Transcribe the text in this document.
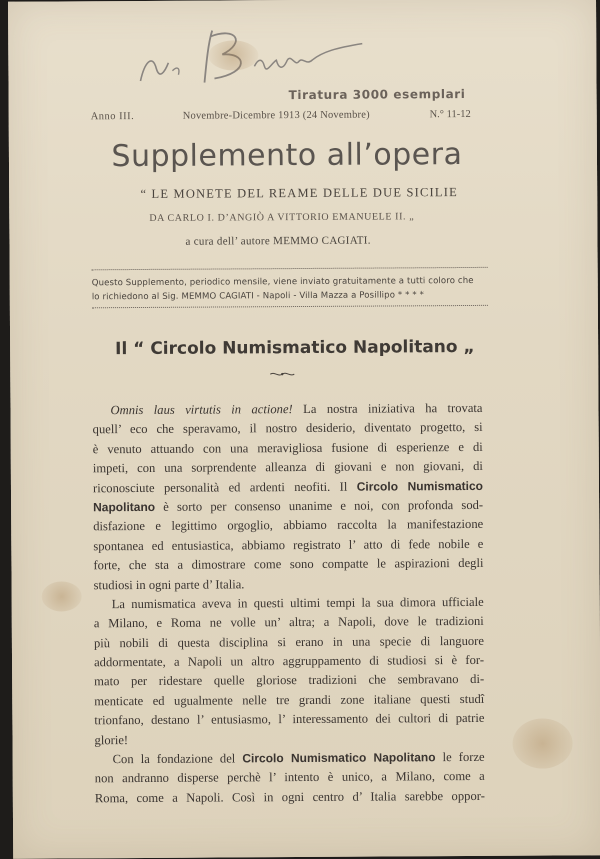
Tiratura 3000 esemplari
Anno III.	Novembre-Dicembre 1913 (24 Novembre)	N.° 11-12
Supplemento all’opera
“ LE MONETE DEL REAME DELLE DUE SICILIE
DA CARLO I. D’ANGIÒ A VITTORIO EMANUELE II. „
a cura dell’ autore MEMMO CAGIATI.
Questo Supplemento, periodico mensile, viene inviato gratuitamente a tutti coloro che
lo richiedono al Sig. MEMMO CAGIATI - Napoli - Villa Mazza a Posillipo * * * *
Il “ Circolo Numismatico Napolitano „
Omnis laus virtutis in actione! La nostra iniziativa ha trovata
quell’ eco che speravamo, il nostro desiderio, diventato progetto, si
è venuto attuando con una meravigliosa fusione di esperienze e di
impeti, con una sorprendente alleanza di giovani e non giovani, di
riconosciute personalità ed ardenti neofiti. Il Circolo Numismatico
Napolitano è sorto per consenso unanime e noi, con profonda sod-
disfazione e legittimo orgoglio, abbiamo raccolta la manifestazione
spontanea ed entusiastica, abbiamo registrato l’ atto di fede nobile e
forte, che sta a dimostrare come sono compatte le aspirazioni degli
studiosi in ogni parte d’ Italia.
La numismatica aveva in questi ultimi tempi la sua dimora ufficiale
a Milano, e Roma ne volle un’ altra; a Napoli, dove le tradizioni
più nobili di questa disciplina si erano in una specie di languore
addormentate, a Napoli un altro aggruppamento di studiosi si è for-
mato per ridestare quelle gloriose tradizioni che sembravano di-
menticate ed ugualmente nelle tre grandi zone italiane questi studî
trionfano, destano l’ entusiasmo, l’ interessamento dei cultori di patrie
glorie!
Con la fondazione del Circolo Numismatico Napolitano le forze
non andranno disperse perchè l’ intento è unico, a Milano, come a
Roma, come a Napoli. Così in ogni centro d’ Italia sarebbe oppor-
